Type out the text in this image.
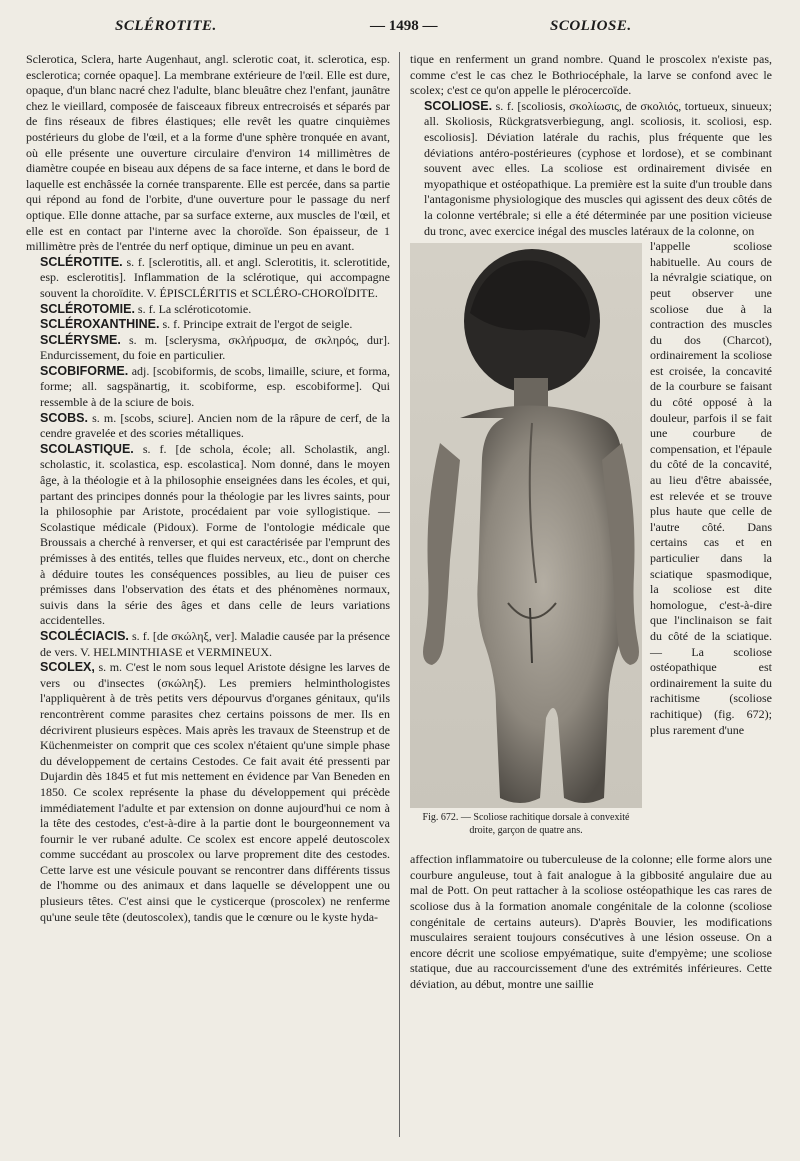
SCLÉROTITE.	— 1498 —	SCOLIOSE.

Sclerotica, Sclera, harte Augenhaut, angl. sclerotic coat, it. sclerotica, esp. esclerotica; cornée opaque]. La membrane extérieure de l'œil. Elle est dure, opaque, d'un blanc nacré chez l'adulte, blanc bleuâtre chez l'enfant, jaunâtre chez le vieillard, composée de faisceaux fibreux entrecroisés et séparés par de fins réseaux de fibres élastiques; elle revêt les quatre cinquièmes postérieurs du globe de l'œil, et a la forme d'une sphère tronquée en avant, où elle présente une ouverture circulaire d'environ 14 millimètres de diamètre coupée en biseau aux dépens de sa face interne, et dans le bord de laquelle est enchâssée la cornée transparente. Elle est percée, dans sa partie qui répond au fond de l'orbite, d'une ouverture pour le passage du nerf optique. Elle donne attache, par sa surface externe, aux muscles de l'œil, et elle est en contact par l'interne avec la choroïde. Son épaisseur, de 1 millimètre près de l'entrée du nerf optique, diminue un peu en avant.

SCLÉROTITE. s. f. [sclerotitis, all. et angl. Sclerotitis, it. sclerotitide, esp. esclerotitis]. Inflammation de la sclérotique, qui accompagne souvent la choroïdite. V. ÉPISCLÉRITIS et SCLÉRO-CHOROÏDITE.

SCLÉROTOMIE. s. f. La scléroticotomie.

SCLÉROXANTHINE. s. f. Principe extrait de l'ergot de seigle.

SCLÉRYSME. s. m. [sclerysma, σκλήρυσμα, de σκληρός, dur]. Endurcissement, du foie en particulier.

SCOBIFORME. adj. [scobiformis, de scobs, limaille, sciure, et forma, forme; all. sagspänartig, it. scobiforme, esp. escobiforme]. Qui ressemble à de la sciure de bois.

SCOBS. s. m. [scobs, sciure]. Ancien nom de la râpure de cerf, de la cendre gravelée et des scories métalliques.

SCOLASTIQUE. s. f. [de schola, école; all. Scholastik, angl. scholastic, it. scolastica, esp. escolastica]. Nom donné, dans le moyen âge, à la théologie et à la philosophie enseignées dans les écoles, et qui, partant des principes donnés pour la théologie par les livres saints, pour la philosophie par Aristote, procédaient par voie syllogistique. — Scolastique médicale (Pidoux). Forme de l'ontologie médicale que Broussais a cherché à renverser, et qui est caractérisée par l'emprunt des prémisses à des entités, telles que fluides nerveux, etc., dont on cherche à déduire toutes les conséquences possibles, au lieu de puiser ces prémisses dans l'observation des états et des phénomènes normaux, suivis dans la série des âges et dans celle de leurs variations accidentelles.

SCOLÉCIACIS. s. f. [de σκώληξ, ver]. Maladie causée par la présence de vers. V. HELMINTHIASE et VERMINEUX.

SCOLEX, s. m. C'est le nom sous lequel Aristote désigne les larves de vers ou d'insectes (σκώληξ). Les premiers helminthologistes l'appliquèrent à de très petits vers dépourvus d'organes génitaux, qu'ils rencontrèrent comme parasites chez certains poissons de mer. Ils en décrivirent plusieurs espèces. Mais après les travaux de Steenstrup et de Küchenmeister on comprit que ces scolex n'étaient qu'une simple phase du développement de certains Cestodes. Ce fait avait été pressenti par Dujardin dès 1845 et fut mis nettement en évidence par Van Beneden en 1850. Ce scolex représente la phase du développement qui précède immédiatement l'adulte et par extension on donne aujourd'hui ce nom à la tête des cestodes, c'est-à-dire à la partie dont le bourgeonnement va fournir le ver rubané adulte. Ce scolex est encore appelé deutoscolex comme succédant au proscolex ou larve proprement dite des cestodes. Cette larve est une vésicule pouvant se rencontrer dans différents tissus de l'homme ou des animaux et dans laquelle se développent une ou plusieurs têtes. C'est ainsi que le cysticerque (proscolex) ne renferme qu'une seule tête (deutoscolex), tandis que le cœnure ou le kyste hyda-

tique en renferment un grand nombre. Quand le proscolex n'existe pas, comme c'est le cas chez le Bothriocéphale, la larve se confond avec le scolex; c'est ce qu'on appelle le plérocercoïde.

SCOLIOSE. s. f. [scoliosis, σκολίωσις, de σκολιός, tortueux, sinueux; all. Skoliosis, Rückgratsverbiegung, angl. scoliosis, it. scoliosi, esp. escoliosis]. Déviation latérale du rachis, plus fréquente que les déviations antéro-postérieures (cyphose et lordose), et se combinant souvent avec elles. La scoliose est ordinairement divisée en myopathique et ostéopathique. La première est la suite d'un trouble dans l'antagonisme physiologique des muscles qui agissent des deux côtés de la colonne vertébrale; si elle a été déterminée par une position vicieuse du tronc, avec exercice inégal des muscles latéraux de la colonne, on

Fig. 672. — Scoliose rachitique dorsale à convexité droite, garçon de quatre ans.

l'appelle scoliose habituelle. Au cours de la névralgie sciatique, on peut observer une scoliose due à la contraction des muscles du dos (Charcot), ordinairement la scoliose est croisée, la concavité de la courbure se faisant du côté opposé à la douleur, parfois il se fait une courbure de compensation, et l'épaule du côté de la concavité, au lieu d'être abaissée, est relevée et se trouve plus haute que celle de l'autre côté. Dans certains cas et en particulier dans la sciatique spasmodique, la scoliose est dite homologue, c'est-à-dire que l'inclinaison se fait du côté de la sciatique. — La scoliose ostéopathique est ordinairement la suite du rachitisme (scoliose rachitique) (fig. 672); plus rarement d'une

affection inflammatoire ou tuberculeuse de la colonne; elle forme alors une courbure anguleuse, tout à fait analogue à la gibbosité angulaire due au mal de Pott. On peut rattacher à la scoliose ostéopathique les cas rares de scoliose dus à la formation anomale congénitale de la colonne (scoliose congénitale de certains auteurs). D'après Bouvier, les modifications musculaires seraient toujours consécutives à une lésion osseuse. On a encore décrit une scoliose empyématique, suite d'empyème; une scoliose statique, due au raccourcissement d'une des extrémités inférieures. Cette déviation, au début, montre une saillie
